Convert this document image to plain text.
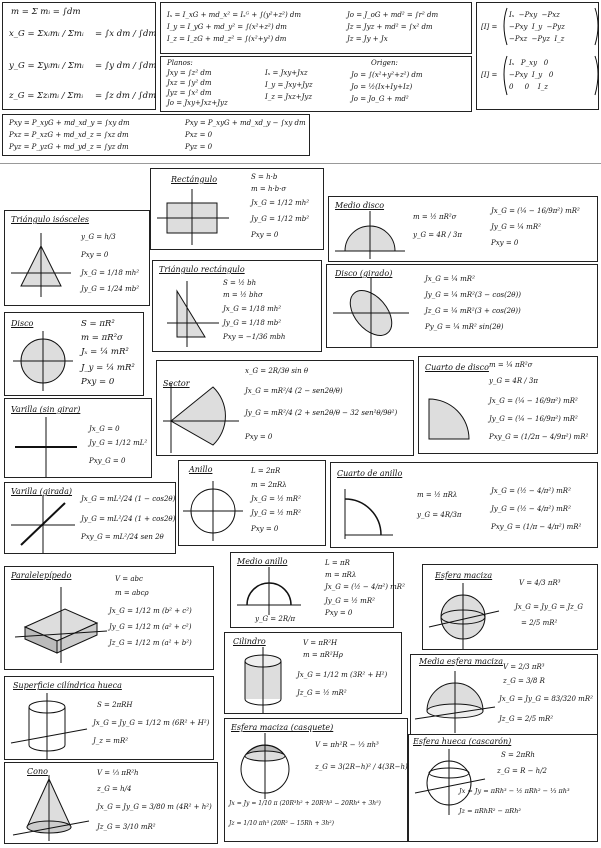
m = Σ mᵢ = ∫dm
x_G = Σxᵢmᵢ / Σmᵢ = ∫x dm / ∫dm
y_G = Σyᵢmᵢ / Σmᵢ = ∫y dm / ∫dm
z_G = Σzᵢmᵢ / Σmᵢ = ∫z dm / ∫dm
Iₓ = I_xG + md_x² = Iₓᴳ + ∫(y²+z²) dm
I_y = I_yG + md_y² = ∫(x²+z²) dm
I_z = I_zG + md_z² = ∫(x²+y²) dm
Jo = J_oG + md² = ∫r² dm
Jz = Jyz + md² = ∫x² dm
Jz = Jy + Jx
Planos:
Jxy = ∫z² dm
Jxz = ∫y² dm
Jyz = ∫x² dm
Jo = Jxy+Jxz+Jyz
Iₓ = Jxy+Jxz
I_y = Jxy+Jyz
I_z = Jxz+Jyz
Origen:
Jo = ∫(x²+y²+z²) dm
Jo = ½(Ix+Iy+Iz)
Jo = Jo_G + md²
[I] =
Iₓ  −Pxy  −Pxz
−Pxy  I_y  −Pyz
−Pxz  −Pyz  I_z
[I] =
Iₓ   P_xy   0
−Pxy  I_y   0
0     0    I_z
Pxy = P_xyG + md_xd_y = ∫xy dm
Pxz = P_xzG + md_xd_z = ∫xz dm
Pyz = P_yzG + md_yd_z = ∫yz dm
Pxy = P_xyG + md_xd_y − ∫xy dm
Pxz = 0
Pyz = 0
Rectángulo	S = h·b
m = h·b·σ
Jx_G = 1/12 mh²
Jy_G = 1/12 mb²
Pxy = 0
Medio disco
m = ½ πR²σ
y_G = 4R / 3π
Jx_G = (¼ − 16/9π²) mR²
Jy_G = ¼ mR²
Pxy = 0
Triángulo isósceles
y_G = h/3
Pxy = 0
Jx_G = 1/18 mh²
Jy_G = 1/24 mb²
Triángulo rectángulo
S = ½ bh
m = ½ bhσ
Jx_G = 1/18 mh²
Jy_G = 1/18 mb²
Pxy = −1/36 mbh
Disco (girado)
Jx_G = ¼ mR²
Jy_G = ¼ mR²(3 − cos(2θ))
Jz_G = ¼ mR²(3 + cos(2θ))
Py_G = ¼ mR² sin(2θ)
Disco	S = πR²
m = πR²σ
Jₓ = ¼ mR²
J_y = ¼ mR²
Pxy = 0	Sector
x_G = 2R/3θ sin θ
Jx_G = mR²/4 (2 − sen2θ/θ)
Jy_G = mR²/4 (2 + sen2θ/θ − 32 sen²θ/9θ²)
Pxy = 0
Cuarto de disco m = ¼ πR²σ
y_G = 4R / 3π
Jx_G = (¼ − 16/9π²) mR²
Jy_G = (¼ − 16/9π²) mR²
Pxy_G = (1/2π − 4/9π²) mR²
Varilla (sin girar)
Jx_G = 0
Jy_G = 1/12 mL²
Pxy_G = 0
Anillo	L = 2πR
m = 2πRλ
Jx_G = ½ mR²
Jy_G = ½ mR²
Pxy = 0
Cuarto de anillo
m = ½ πRλ
y_G = 4R/3π
Jx_G = (½ − 4/π²) mR²
Jy_G = (½ − 4/π²) mR²
Pxy_G = (1/π − 4/π²) mR²
Varilla (girada)
Jx_G = mL²/24 (1 − cos2θ)
Jy_G = mL²/24 (1 + cos2θ)
Pxy_G = mL²/24 sen 2θ
Medio anillo
y_G = 2R/π
L = πR
m = πRλ
Jx_G = (½ − 4/π²) mR²
Jy_G = ½ mR²
Pxy = 0
Paralelepípedo	V = abc
m = abcρ
Jx_G = 1/12 m (b² + c²)
Jy_G = 1/12 m (a² + c²)
Jz_G = 1/12 m (a² + b²)
Esfera maciza
V = 4/3 πR³
Jx_G = Jy_G = Jz_G
= 2/5 mR²
Cilindro	V = πR²H
m = πR²Hρ
Jx_G = 1/12 m (3R² + H²)
Jz_G = ½ mR²
Media esfera maciza
V = 2/3 πR³
z_G = 3/8 R
Jx_G = Jy_G = 83/320 mR²
Jz_G = 2/5 mR²
Superficie cilíndrica hueca
S = 2πRH
Jx_G = Jy_G = 1/12 m (6R² + H²)
J_z = mR²
Esfera maciza (casquete)
V = πh²R − ⅓ πh³
z_G = 3(2R−h)² / 4(3R−h)
Jx = Jy = 1/10 π (20R³h² + 20R²h³ − 20Rh⁴ + 3h⁵)
Jz = 1/10 πh³ (20R² − 15Rh + 3h²)
Esfera hueca (cascarón)
S = 2πRh
z_G = R − h/2
Jx = Jy = πRh³ − ½ πRh² − ⅓ πh³
Jz = πRhR² − πRh²
Cono	V = ⅓ πR²h
z_G = h/4
Jx_G = Jy_G = 3/80 m (4R² + h²)
Jz_G = 3/10 mR²
